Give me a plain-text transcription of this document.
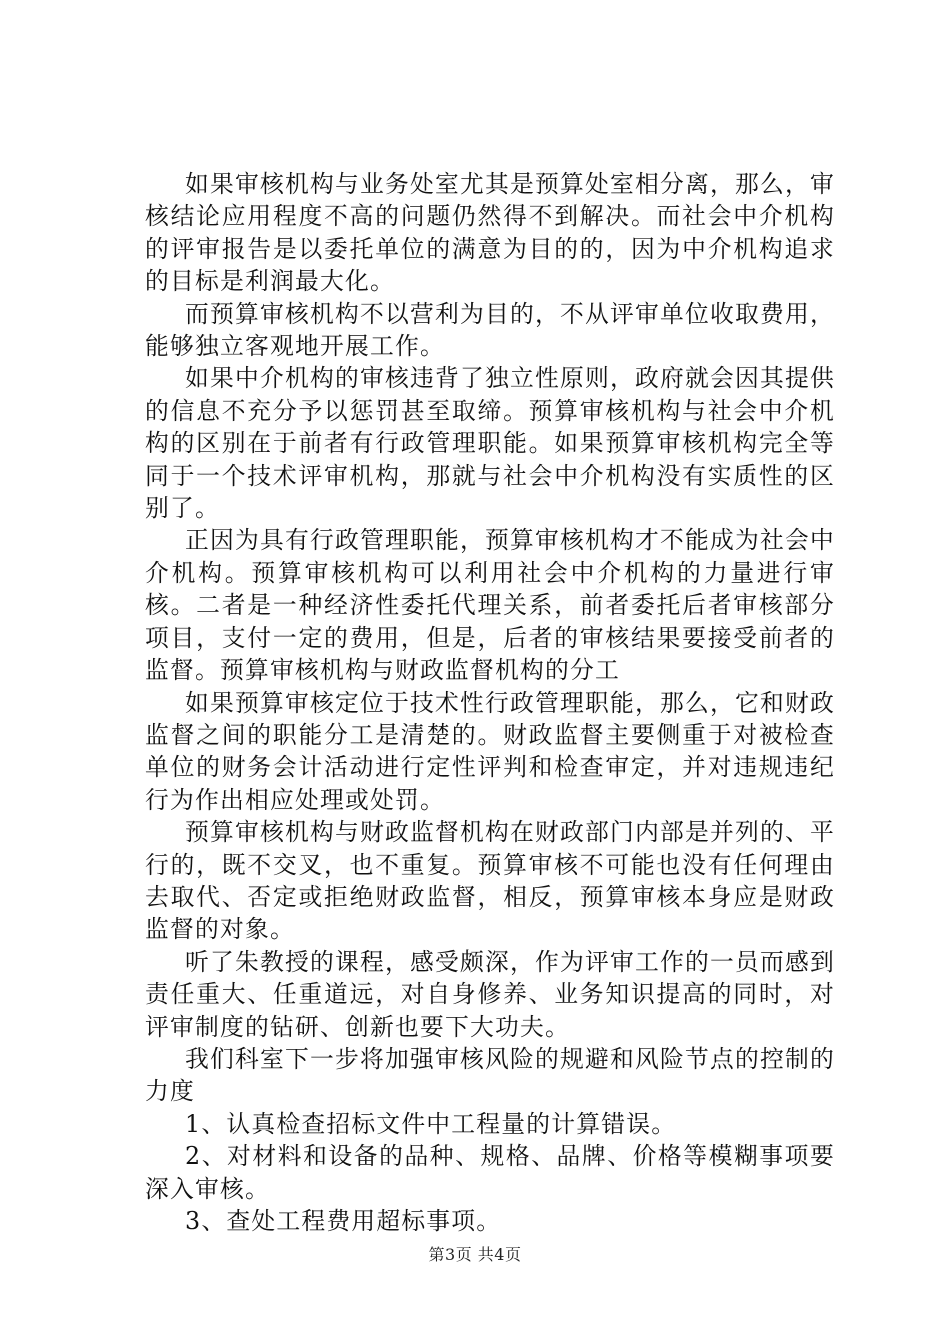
如果审核机构与业务处室尤其是预算处室相分离，那么，审核结论应用程度不高的问题仍然得不到解决。而社会中介机构的评审报告是以委托单位的满意为目的的，因为中介机构追求的目标是利润最大化。

而预算审核机构不以营利为目的，不从评审单位收取费用，能够独立客观地开展工作。

如果中介机构的审核违背了独立性原则，政府就会因其提供的信息不充分予以惩罚甚至取缔。预算审核机构与社会中介机构的区别在于前者有行政管理职能。如果预算审核机构完全等同于一个技术评审机构，那就与社会中介机构没有实质性的区别了。

正因为具有行政管理职能，预算审核机构才不能成为社会中介机构。预算审核机构可以利用社会中介机构的力量进行审核。二者是一种经济性委托代理关系，前者委托后者审核部分项目，支付一定的费用，但是，后者的审核结果要接受前者的监督。预算审核机构与财政监督机构的分工

如果预算审核定位于技术性行政管理职能，那么，它和财政监督之间的职能分工是清楚的。财政监督主要侧重于对被检查单位的财务会计活动进行定性评判和检查审定，并对违规违纪行为作出相应处理或处罚。

预算审核机构与财政监督机构在财政部门内部是并列的、平行的，既不交叉，也不重复。预算审核不可能也没有任何理由去取代、否定或拒绝财政监督，相反，预算审核本身应是财政监督的对象。

听了朱教授的课程，感受颇深，作为评审工作的一员而感到责任重大、任重道远，对自身修养、业务知识提高的同时，对评审制度的钻研、创新也要下大功夫。

我们科室下一步将加强审核风险的规避和风险节点的控制的力度

1、认真检查招标文件中工程量的计算错误。

2、对材料和设备的品种、规格、品牌、价格等模糊事项要深入审核。

3、查处工程费用超标事项。

第3页 共4页
